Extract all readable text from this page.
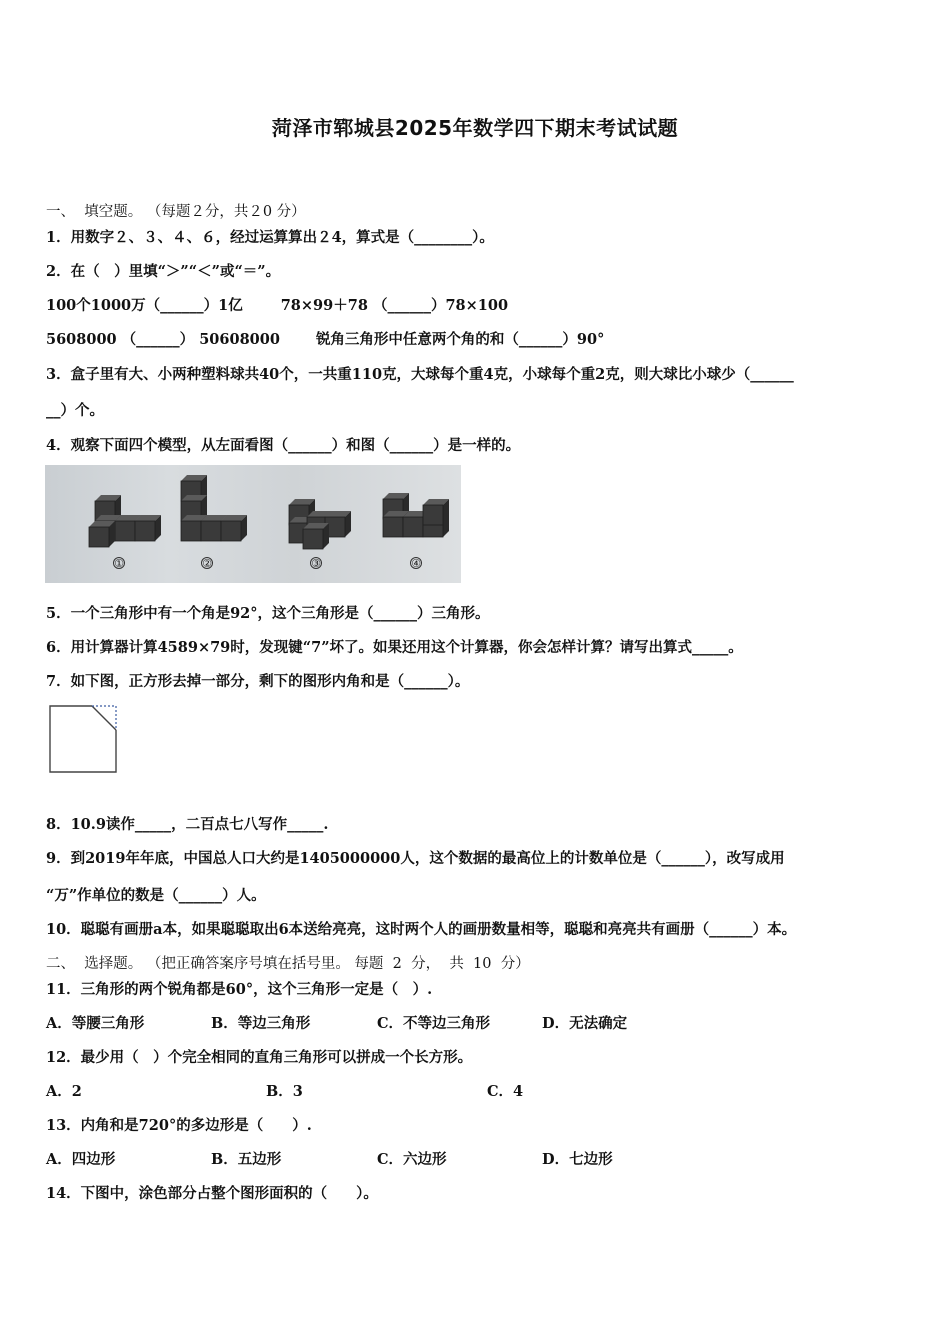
菏泽市郓城县2025年数学四下期末考试试题
一、  填空题。 （每题２分，共２0 分）
1．用数字２、３、４、６，经过运算算出２4，算式是（________）。
2．在（　）里填“＞”“＜”或“＝”。
100个1000万（______）1亿	78×99＋78 （______）78×100
5608000 （______） 50608000 锐角三角形中任意两个角的和（______）90°
3．盒子里有大、小两种塑料球共40个，一共重110克，大球每个重4克，小球每个重2克，则大球比小球少（______
__）个。
4．观察下面四个模型，从左面看图（______）和图（______）是一样的。
①	②	③	④
5．一个三角形中有一个角是92°，这个三角形是（______）三角形。
6．用计算器计算4589×79时，发现键“7”坏了。如果还用这个计算器，你会怎样计算？请写出算式_____。
7．如下图，正方形去掉一部分，剩下的图形内角和是（______）。
8．10.9读作_____，二百点七八写作_____.
9．到2019年年底，中国总人口大约是1405000000人，这个数据的最高位上的计数单位是（______），改写成用
“万”作单位的数是（______）人。
10．聪聪有画册a本，如果聪聪取出6本送给亮亮，这时两个人的画册数量相等，聪聪和亮亮共有画册（______）本。
二、  选择题。 （把正确答案序号填在括号里。 每题  2  分，  共  10  分）
11．三角形的两个锐角都是60°，这个三角形一定是（　）.
A．等腰三角形	B．等边三角形	C．不等边三角形	D．无法确定
12．最少用（　）个完全相同的直角三角形可以拼成一个长方形。
A．2	B．3	C．4
13．内角和是720°的多边形是（　　）.
A．四边形	B．五边形	C．六边形	D．七边形
14．下图中，涂色部分占整个图形面积的（　　）。
